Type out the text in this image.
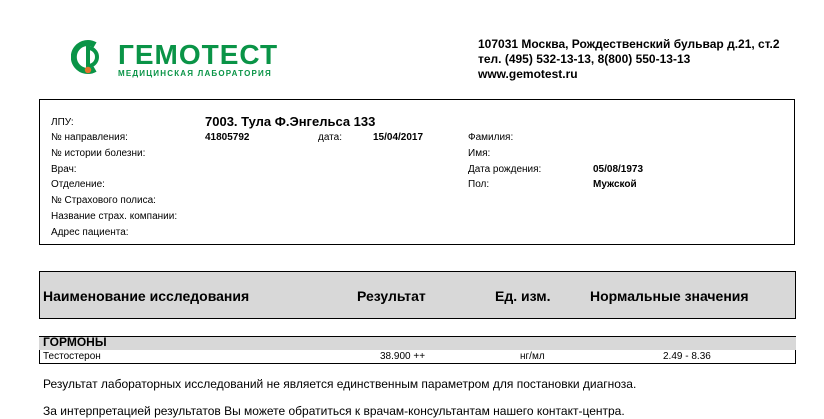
ГЕМОТЕСТ
МЕДИЦИНСКАЯ ЛАБОРАТОРИЯ
107031 Москва, Рождественский бульвар д.21, ст.2
тел. (495) 532-13-13, 8(800) 550-13-13
www.gemotest.ru
ЛПУ:	7003. Тула Ф.Энгельса 133
№ направления:	41805792	дата:	15/04/2017	Фамилия:
№ истории болезни:	Имя:
Врач:	Дата рождения:	05/08/1973
Отделение:	Пол:	Мужской
№ Страхового полиса:
Название страх. компании:
Адрес пациента:
Наименование исследования	Результат	Ед. изм.	Нормальные значения
ГОРМОНЫ
Тестостерон	38.900 ++	нг/мл	2.49 - 8.36
Результат лабораторных исследований не является единственным параметром для постановки диагноза.
За интерпретацией результатов Вы можете обратиться к врачам-консультантам нашего контакт-центра.
